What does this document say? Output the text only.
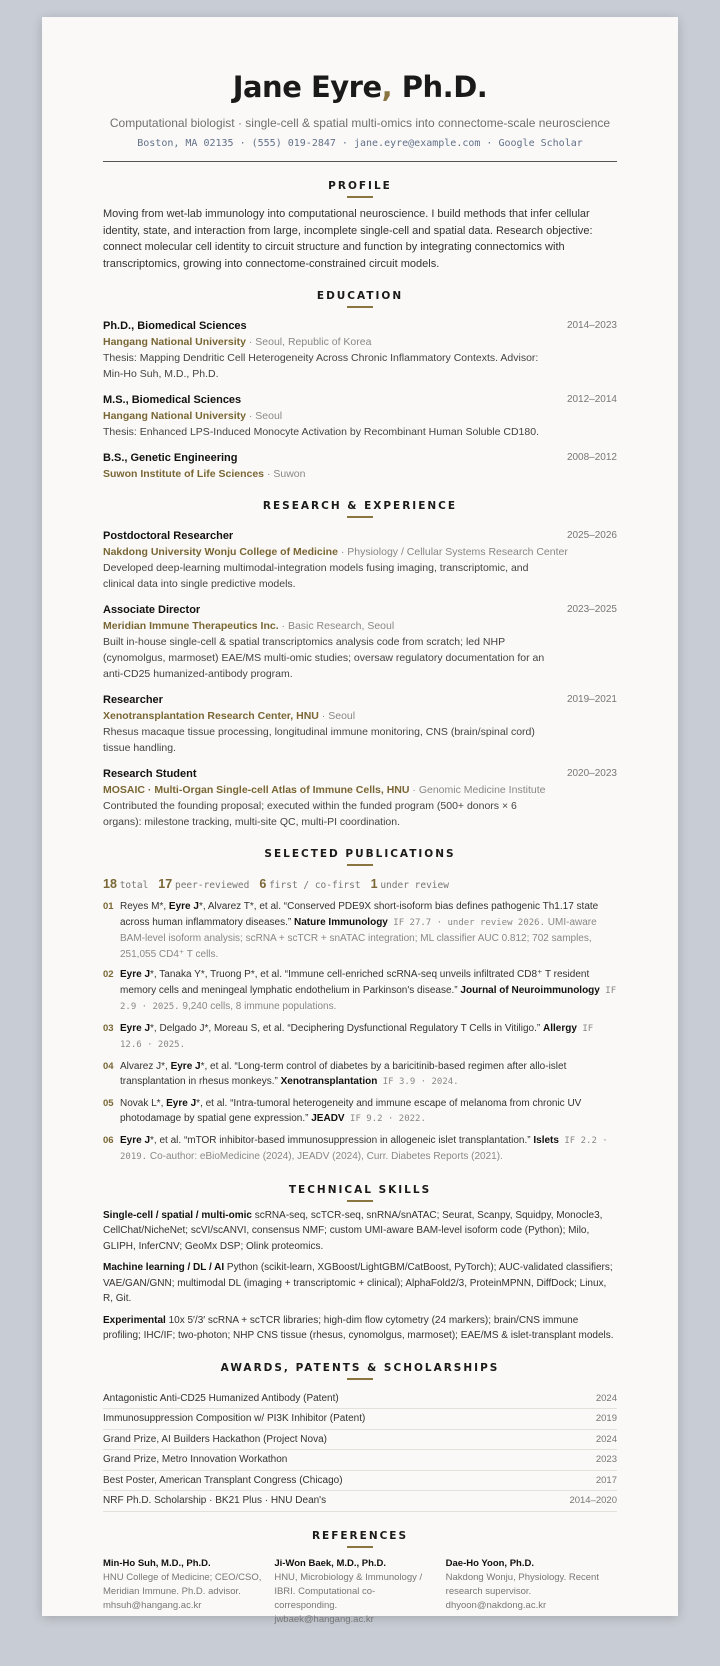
Jane Eyre, Ph.D.
Computational biologist · single-cell & spatial multi-omics into connectome-scale neuroscience
Boston, MA 02135 · (555) 019-2847 · jane.eyre@example.com · Google Scholar
PROFILE
Moving from wet-lab immunology into computational neuroscience. I build methods that infer cellular identity, state, and interaction from large, incomplete single-cell and spatial data. Research objective: connect molecular cell identity to circuit structure and function by integrating connectomics with transcriptomics, growing into connectome-constrained circuit models.
EDUCATION
Ph.D., Biomedical Sciences	2014–2023
Hangang National University · Seoul, Republic of Korea
Thesis: Mapping Dendritic Cell Heterogeneity Across Chronic Inflammatory Contexts. Advisor: Min-Ho Suh, M.D., Ph.D.
M.S., Biomedical Sciences	2012–2014
Hangang National University · Seoul
Thesis: Enhanced LPS-Induced Monocyte Activation by Recombinant Human Soluble CD180.
B.S., Genetic Engineering	2008–2012
Suwon Institute of Life Sciences · Suwon
RESEARCH & EXPERIENCE
Postdoctoral Researcher	2025–2026
Nakdong University Wonju College of Medicine · Physiology / Cellular Systems Research Center
Developed deep-learning multimodal-integration models fusing imaging, transcriptomic, and clinical data into single predictive models.
Associate Director	2023–2025
Meridian Immune Therapeutics Inc. · Basic Research, Seoul
Built in-house single-cell & spatial transcriptomics analysis code from scratch; led NHP (cynomolgus, marmoset) EAE/MS multi-omic studies; oversaw regulatory documentation for an anti-CD25 humanized-antibody program.
Researcher	2019–2021
Xenotransplantation Research Center, HNU · Seoul
Rhesus macaque tissue processing, longitudinal immune monitoring, CNS (brain/spinal cord) tissue handling.
Research Student	2020–2023
MOSAIC · Multi-Organ Single-cell Atlas of Immune Cells, HNU · Genomic Medicine Institute
Contributed the founding proposal; executed within the funded program (500+ donors × 6 organs): milestone tracking, multi-site QC, multi-PI coordination.
SELECTED PUBLICATIONS
18 total 17 peer-reviewed 6 first / co-first 1 under review
01 Reyes M*, Eyre J*, Alvarez T*, et al. “Conserved PDE9X short-isoform bias defines pathogenic Th1.17 state across human inflammatory diseases.” Nature Immunology IF 27.7 · under review 2026. UMI-aware BAM-level isoform analysis; scRNA + scTCR + snATAC integration; ML classifier AUC 0.812; 702 samples, 251,055 CD4⁺ T cells.
02 Eyre J*, Tanaka Y*, Truong P*, et al. “Immune cell-enriched scRNA-seq unveils infiltrated CD8⁺ T resident memory cells and meningeal lymphatic endothelium in Parkinson's disease.” Journal of Neuroimmunology IF 2.9 · 2025. 9,240 cells, 8 immune populations.
03 Eyre J*, Delgado J*, Moreau S, et al. “Deciphering Dysfunctional Regulatory T Cells in Vitiligo.” Allergy IF 12.6 · 2025.
04 Alvarez J*, Eyre J*, et al. “Long-term control of diabetes by a baricitinib-based regimen after allo-islet transplantation in rhesus monkeys.” Xenotransplantation IF 3.9 · 2024.
05 Novak L*, Eyre J*, et al. “Intra-tumoral heterogeneity and immune escape of melanoma from chronic UV photodamage by spatial gene expression.” JEADV IF 9.2 · 2022.
06 Eyre J*, et al. “mTOR inhibitor-based immunosuppression in allogeneic islet transplantation.” Islets IF 2.2 · 2019. Co-author: eBioMedicine (2024), JEADV (2024), Curr. Diabetes Reports (2021).
TECHNICAL SKILLS
Single-cell / spatial / multi-omic scRNA-seq, scTCR-seq, snRNA/snATAC; Seurat, Scanpy, Squidpy, Monocle3, CellChat/NicheNet; scVI/scANVI, consensus NMF; custom UMI-aware BAM-level isoform code (Python); Milo, GLIPH, InferCNV; GeoMx DSP; Olink proteomics.
Machine learning / DL / AI Python (scikit-learn, XGBoost/LightGBM/CatBoost, PyTorch); AUC-validated classifiers; VAE/GAN/GNN; multimodal DL (imaging + transcriptomic + clinical); AlphaFold2/3, ProteinMPNN, DiffDock; Linux, R, Git.
Experimental 10x 5′/3′ scRNA + scTCR libraries; high-dim flow cytometry (24 markers); brain/CNS immune profiling; IHC/IF; two-photon; NHP CNS tissue (rhesus, cynomolgus, marmoset); EAE/MS & islet-transplant models.
AWARDS, PATENTS & SCHOLARSHIPS
Antagonistic Anti-CD25 Humanized Antibody (Patent)	2024
Immunosuppression Composition w/ PI3K Inhibitor (Patent)	2019
Grand Prize, AI Builders Hackathon (Project Nova)	2024
Grand Prize, Metro Innovation Workathon	2023
Best Poster, American Transplant Congress (Chicago)	2017
NRF Ph.D. Scholarship · BK21 Plus · HNU Dean's	2014–2020
REFERENCES
Min-Ho Suh, M.D., Ph.D.
HNU College of Medicine; CEO/CSO, Meridian Immune. Ph.D. advisor.
mhsuh@hangang.ac.kr
Ji-Won Baek, M.D., Ph.D.
HNU, Microbiology & Immunology / IBRI. Computational co-corresponding.
jwbaek@hangang.ac.kr
Dae-Ho Yoon, Ph.D.
Nakdong Wonju, Physiology. Recent research supervisor.
dhyoon@nakdong.ac.kr
